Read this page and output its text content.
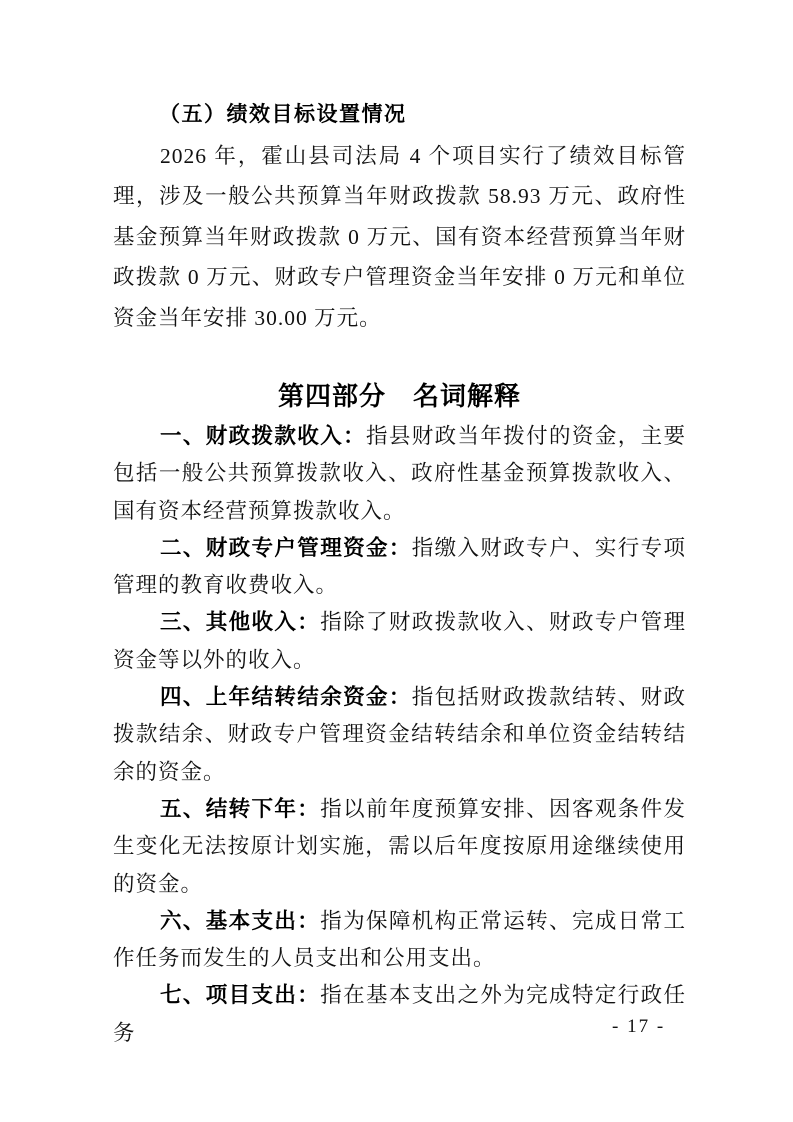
（五）绩效目标设置情况

2026 年，霍山县司法局 4 个项目实行了绩效目标管理，涉及一般公共预算当年财政拨款 58.93 万元、政府性基金预算当年财政拨款 0 万元、国有资本经营预算当年财政拨款 0 万元、财政专户管理资金当年安排 0 万元和单位资金当年安排 30.00 万元。

第四部分　名词解释

一、财政拨款收入：指县财政当年拨付的资金，主要包括一般公共预算拨款收入、政府性基金预算拨款收入、国有资本经营预算拨款收入。

二、财政专户管理资金：指缴入财政专户、实行专项管理的教育收费收入。

三、其他收入：指除了财政拨款收入、财政专户管理资金等以外的收入。

四、上年结转结余资金：指包括财政拨款结转、财政拨款结余、财政专户管理资金结转结余和单位资金结转结余的资金。

五、结转下年：指以前年度预算安排、因客观条件发生变化无法按原计划实施，需以后年度按原用途继续使用的资金。

六、基本支出：指为保障机构正常运转、完成日常工作任务而发生的人员支出和公用支出。

七、项目支出：指在基本支出之外为完成特定行政任务	- 17 -
